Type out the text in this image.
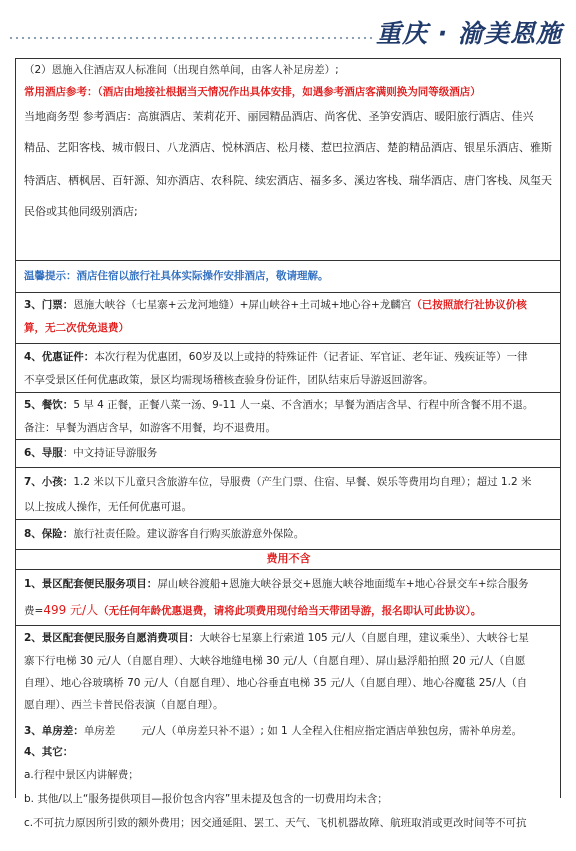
重庆 · 渝美恩施
（2）恩施入住酒店双人标准间（出现自然单间，由客人补足房差）;
常用酒店参考：（酒店由地接社根据当天情况作出具体安排，如遇参考酒店客满则换为同等级酒店）
当地商务型 参考酒店：高旗酒店、茉莉花开、丽园精品酒店、尚客优、圣笋安酒店、暖阳旅行酒店、佳兴
精品、艺阳客栈、城市假日、八龙酒店、悦林酒店、松月楼、惹巴拉酒店、楚韵精品酒店、银星乐酒店、雅斯
特酒店、栖枫居、百轩源、知亦酒店、农科院、续宏酒店、福多多、溪边客栈、瑞华酒店、唐门客栈、凤玺天
民俗或其他同级别酒店;
温馨提示：酒店住宿以旅行社具体实际操作安排酒店，敬请理解。
3、门票：恩施大峡谷（七星寨+云龙河地缝）+屏山峡谷+土司城+地心谷+龙麟宫（已按照旅行社协议价核
算，无二次优免退费）
4、优惠证件：本次行程为优惠团，60岁及以上或持的特殊证件（记者证、军官证、老年证、残疾证等）一律
不享受景区任何优惠政策，景区均需现场稽核查验身份证件，团队结束后导游返回游客。
5、餐饮：5 早 4 正餐，正餐八菜一汤、9-11 人一桌、不含酒水；早餐为酒店含早、行程中所含餐不用不退。
备注：早餐为酒店含早，如游客不用餐，均不退费用。
6、导服：中文持证导游服务
7、小孩：1.2 米以下儿童只含旅游车位，导服费（产生门票、住宿、早餐、娱乐等费用均自理）；超过 1.2 米
以上按成人操作，无任何优惠可退。
8、保险：旅行社责任险。建议游客自行购买旅游意外保险。
费用不含
1、景区配套便民服务项目：屏山峡谷渡船+恩施大峡谷景交+恩施大峡谷地面缆车+地心谷景交车+综合服务
费=499 元/人（无任何年龄优惠退费，请将此项费用现付给当天带团导游，报名即认可此协议）。
2、景区配套便民服务自愿消费项目：大峡谷七星寨上行索道 105 元/人（自愿自理，建议乘坐）、大峡谷七星
寨下行电梯 30 元/人（自愿自理）、大峡谷地缝电梯 30 元/人（自愿自理）、屏山悬浮船拍照 20 元/人（自愿
自理）、地心谷玻璃桥 70 元/人（自愿自理）、地心谷垂直电梯 35 元/人（自愿自理）、地心谷魔毯 25/人（自
愿自理）、西兰卡普民俗表演（自愿自理）。
3、单房差：单房差 元/人（单房差只补不退）; 如 1 人全程入住相应指定酒店单独包房，需补单房差。
4、其它：
a.行程中景区内讲解费；
b. 其他/以上“服务提供项目—报价包含内容”里未提及包含的一切费用均未含；
c.不可抗力原因所引致的额外费用；因交通延阻、罢工、天气、飞机机器故障、航班取消或更改时间等不可抗
